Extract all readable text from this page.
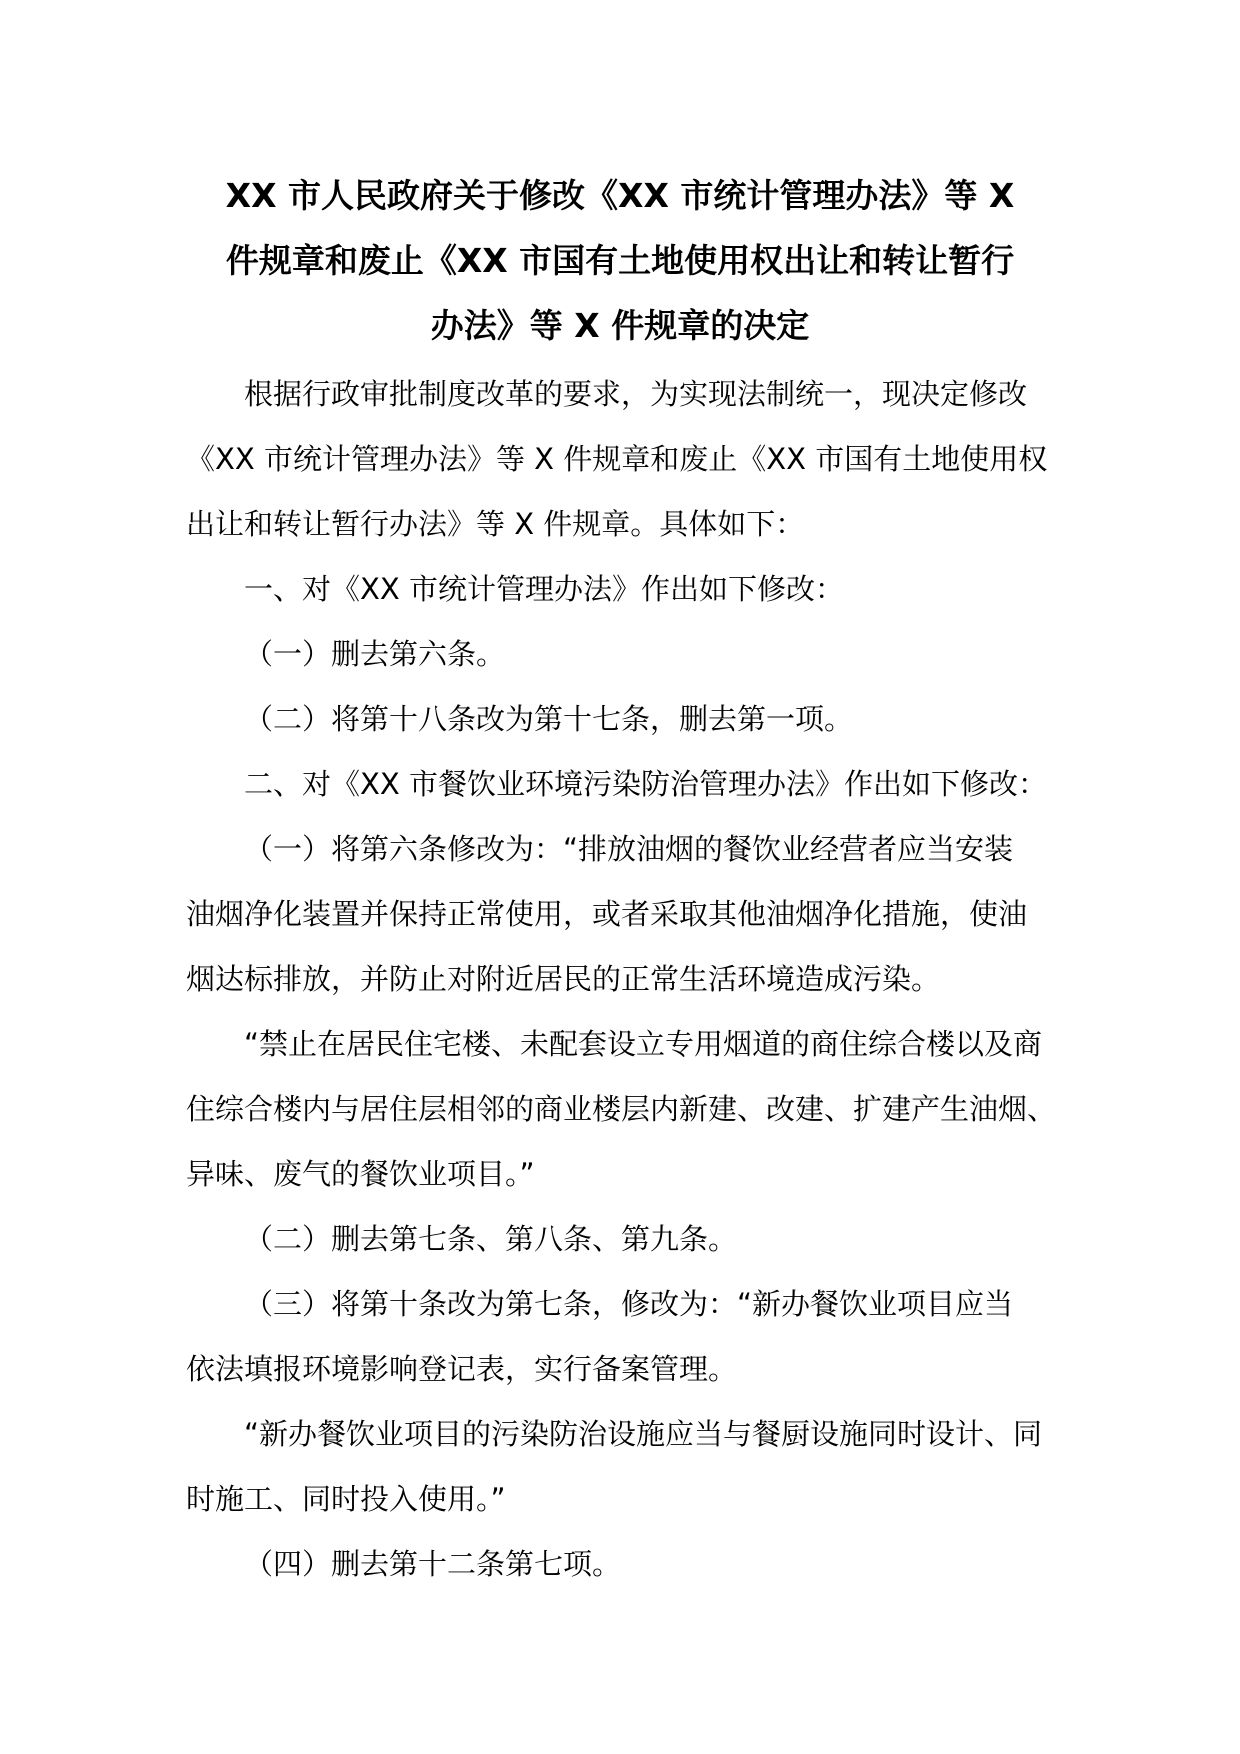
XX 市人民政府关于修改《XX 市统计管理办法》等 X
件规章和废止《XX 市国有土地使用权出让和转让暂行
办法》等 X 件规章的决定
根据行政审批制度改革的要求，为实现法制统一，现决定修改
《XX 市统计管理办法》等 X 件规章和废止《XX 市国有土地使用权
出让和转让暂行办法》等 X 件规章。具体如下：
一、对《XX 市统计管理办法》作出如下修改：
（一）删去第六条。
（二）将第十八条改为第十七条，删去第一项。
二、对《XX 市餐饮业环境污染防治管理办法》作出如下修改：
（一）将第六条修改为：“排放油烟的餐饮业经营者应当安装
油烟净化装置并保持正常使用，或者采取其他油烟净化措施，使油
烟达标排放，并防止对附近居民的正常生活环境造成污染。
“禁止在居民住宅楼、未配套设立专用烟道的商住综合楼以及商
住综合楼内与居住层相邻的商业楼层内新建、改建、扩建产生油烟、
异味、废气的餐饮业项目。”
（二）删去第七条、第八条、第九条。
（三）将第十条改为第七条，修改为：“新办餐饮业项目应当
依法填报环境影响登记表，实行备案管理。
“新办餐饮业项目的污染防治设施应当与餐厨设施同时设计、同
时施工、同时投入使用。”
（四）删去第十二条第七项。
